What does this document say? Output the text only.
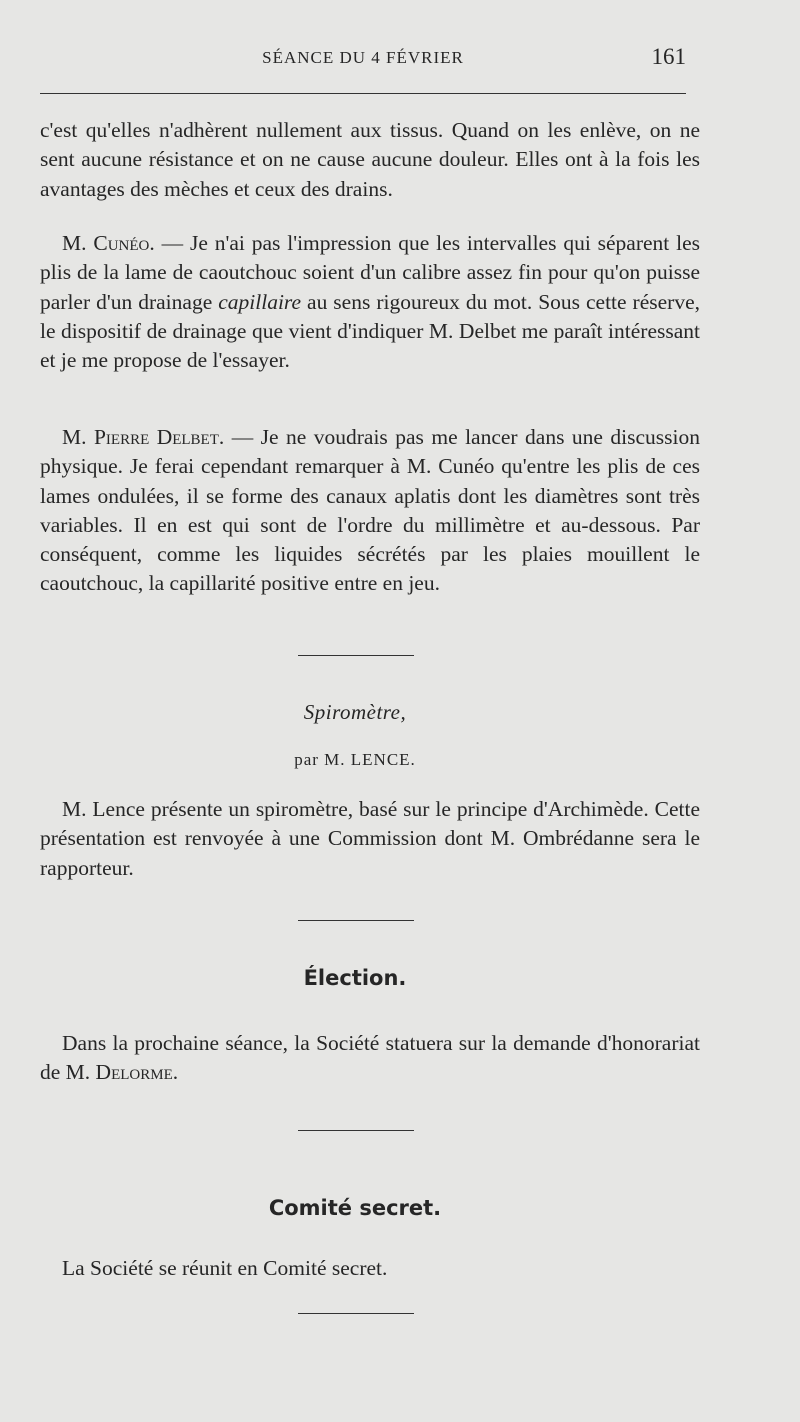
SÉANCE DU 4 FÉVRIER	161

c'est qu'elles n'adhèrent nullement aux tissus. Quand on les enlève, on ne sent aucune résistance et on ne cause aucune douleur. Elles ont à la fois les avantages des mèches et ceux des drains.

M. Cunéo. — Je n'ai pas l'impression que les intervalles qui séparent les plis de la lame de caoutchouc soient d'un calibre assez fin pour qu'on puisse parler d'un drainage capillaire au sens rigoureux du mot. Sous cette réserve, le dispositif de drainage que vient d'indiquer M. Delbet me paraît intéressant et je me propose de l'essayer.

M. Pierre Delbet. — Je ne voudrais pas me lancer dans une discussion physique. Je ferai cependant remarquer à M. Cunéo qu'entre les plis de ces lames ondulées, il se forme des canaux aplatis dont les diamètres sont très variables. Il en est qui sont de l'ordre du millimètre et au-dessous. Par conséquent, comme les liquides sécrétés par les plaies mouillent le caoutchouc, la capillarité positive entre en jeu.

Spiromètre,

par M. LENCE.

M. Lence présente un spiromètre, basé sur le principe d'Archimède. Cette présentation est renvoyée à une Commission dont M. Ombrédanne sera le rapporteur.

Élection.

Dans la prochaine séance, la Société statuera sur la demande d'honorariat de M. Delorme.

Comité secret.

La Société se réunit en Comité secret.
